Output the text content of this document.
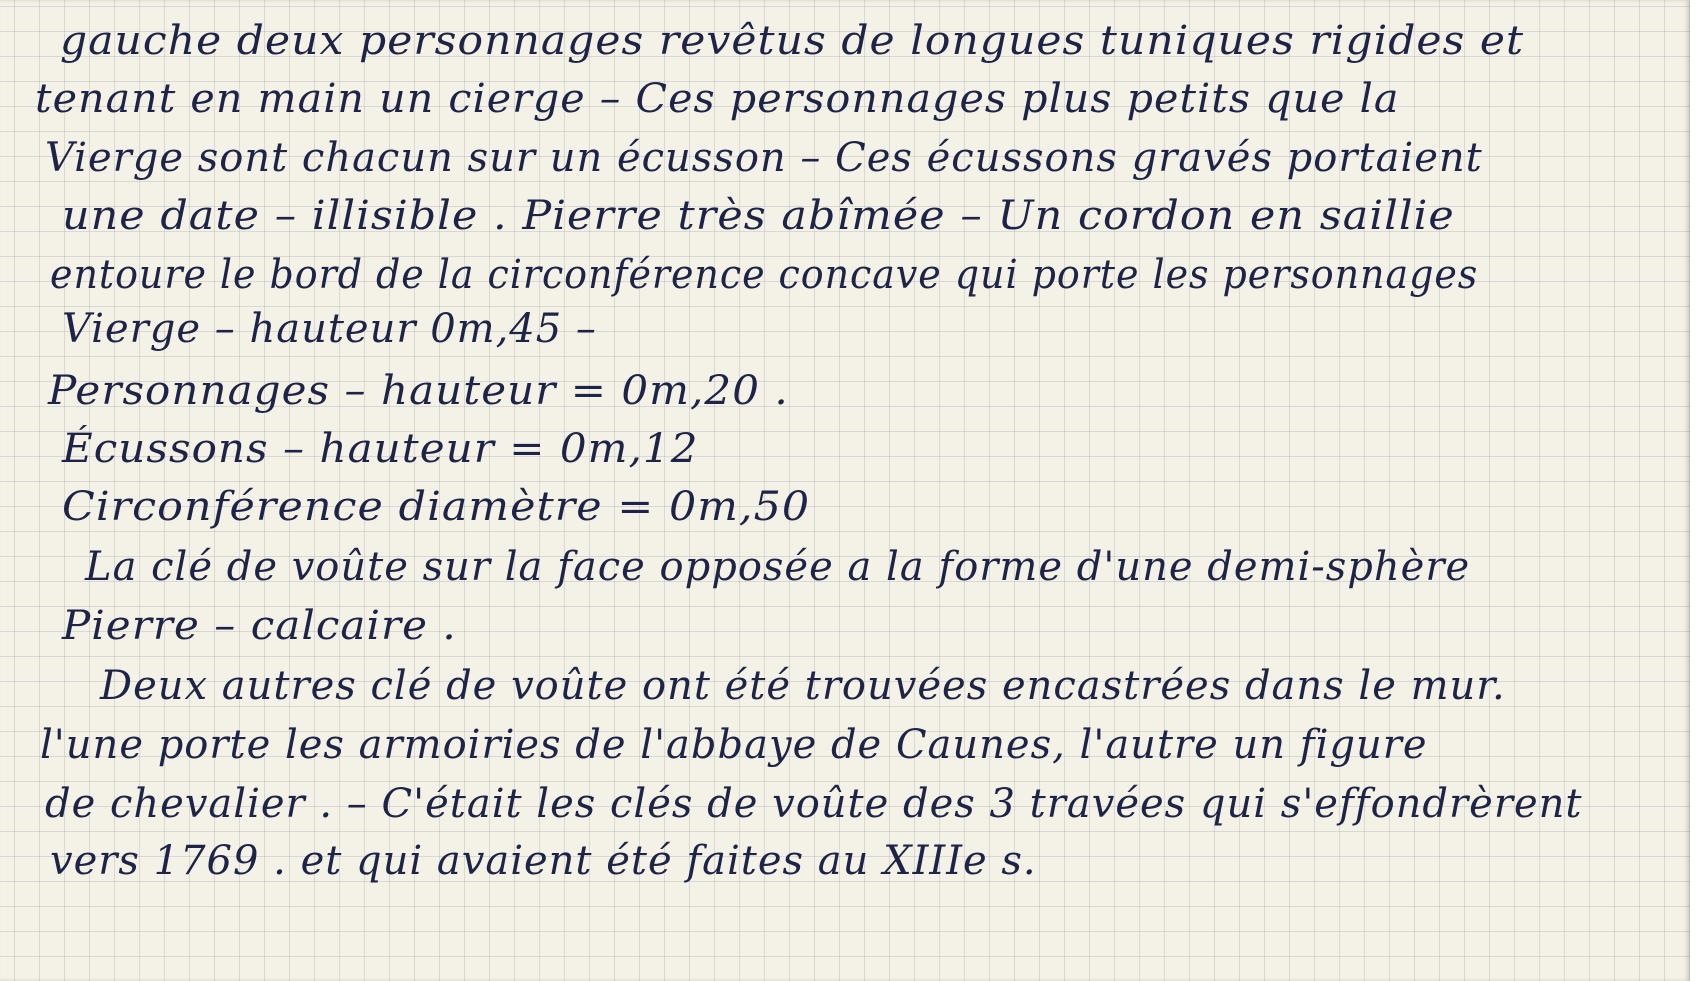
gauche deux personnages revêtus de longues tuniques rigides et
tenant en main un cierge – Ces personnages plus petits que la
Vierge sont chacun sur un écusson – Ces écussons gravés portaient
une date – illisible . Pierre très abîmée – Un cordon en saillie
entoure le bord de la circonférence concave qui porte les personnages
Vierge – hauteur 0m,45 –
Personnages – hauteur = 0m,20 .
Écussons – hauteur = 0m,12
Circonférence diamètre = 0m,50
La clé de voûte sur la face opposée a la forme d'une demi-sphère
Pierre – calcaire .
Deux autres clé de voûte ont été trouvées encastrées dans le mur.
l'une porte les armoiries de l'abbaye de Caunes, l'autre un figure
de chevalier . – C'était les clés de voûte des 3 travées qui s'effondrèrent
vers 1769 . et qui avaient été faites au XIIIe s.
